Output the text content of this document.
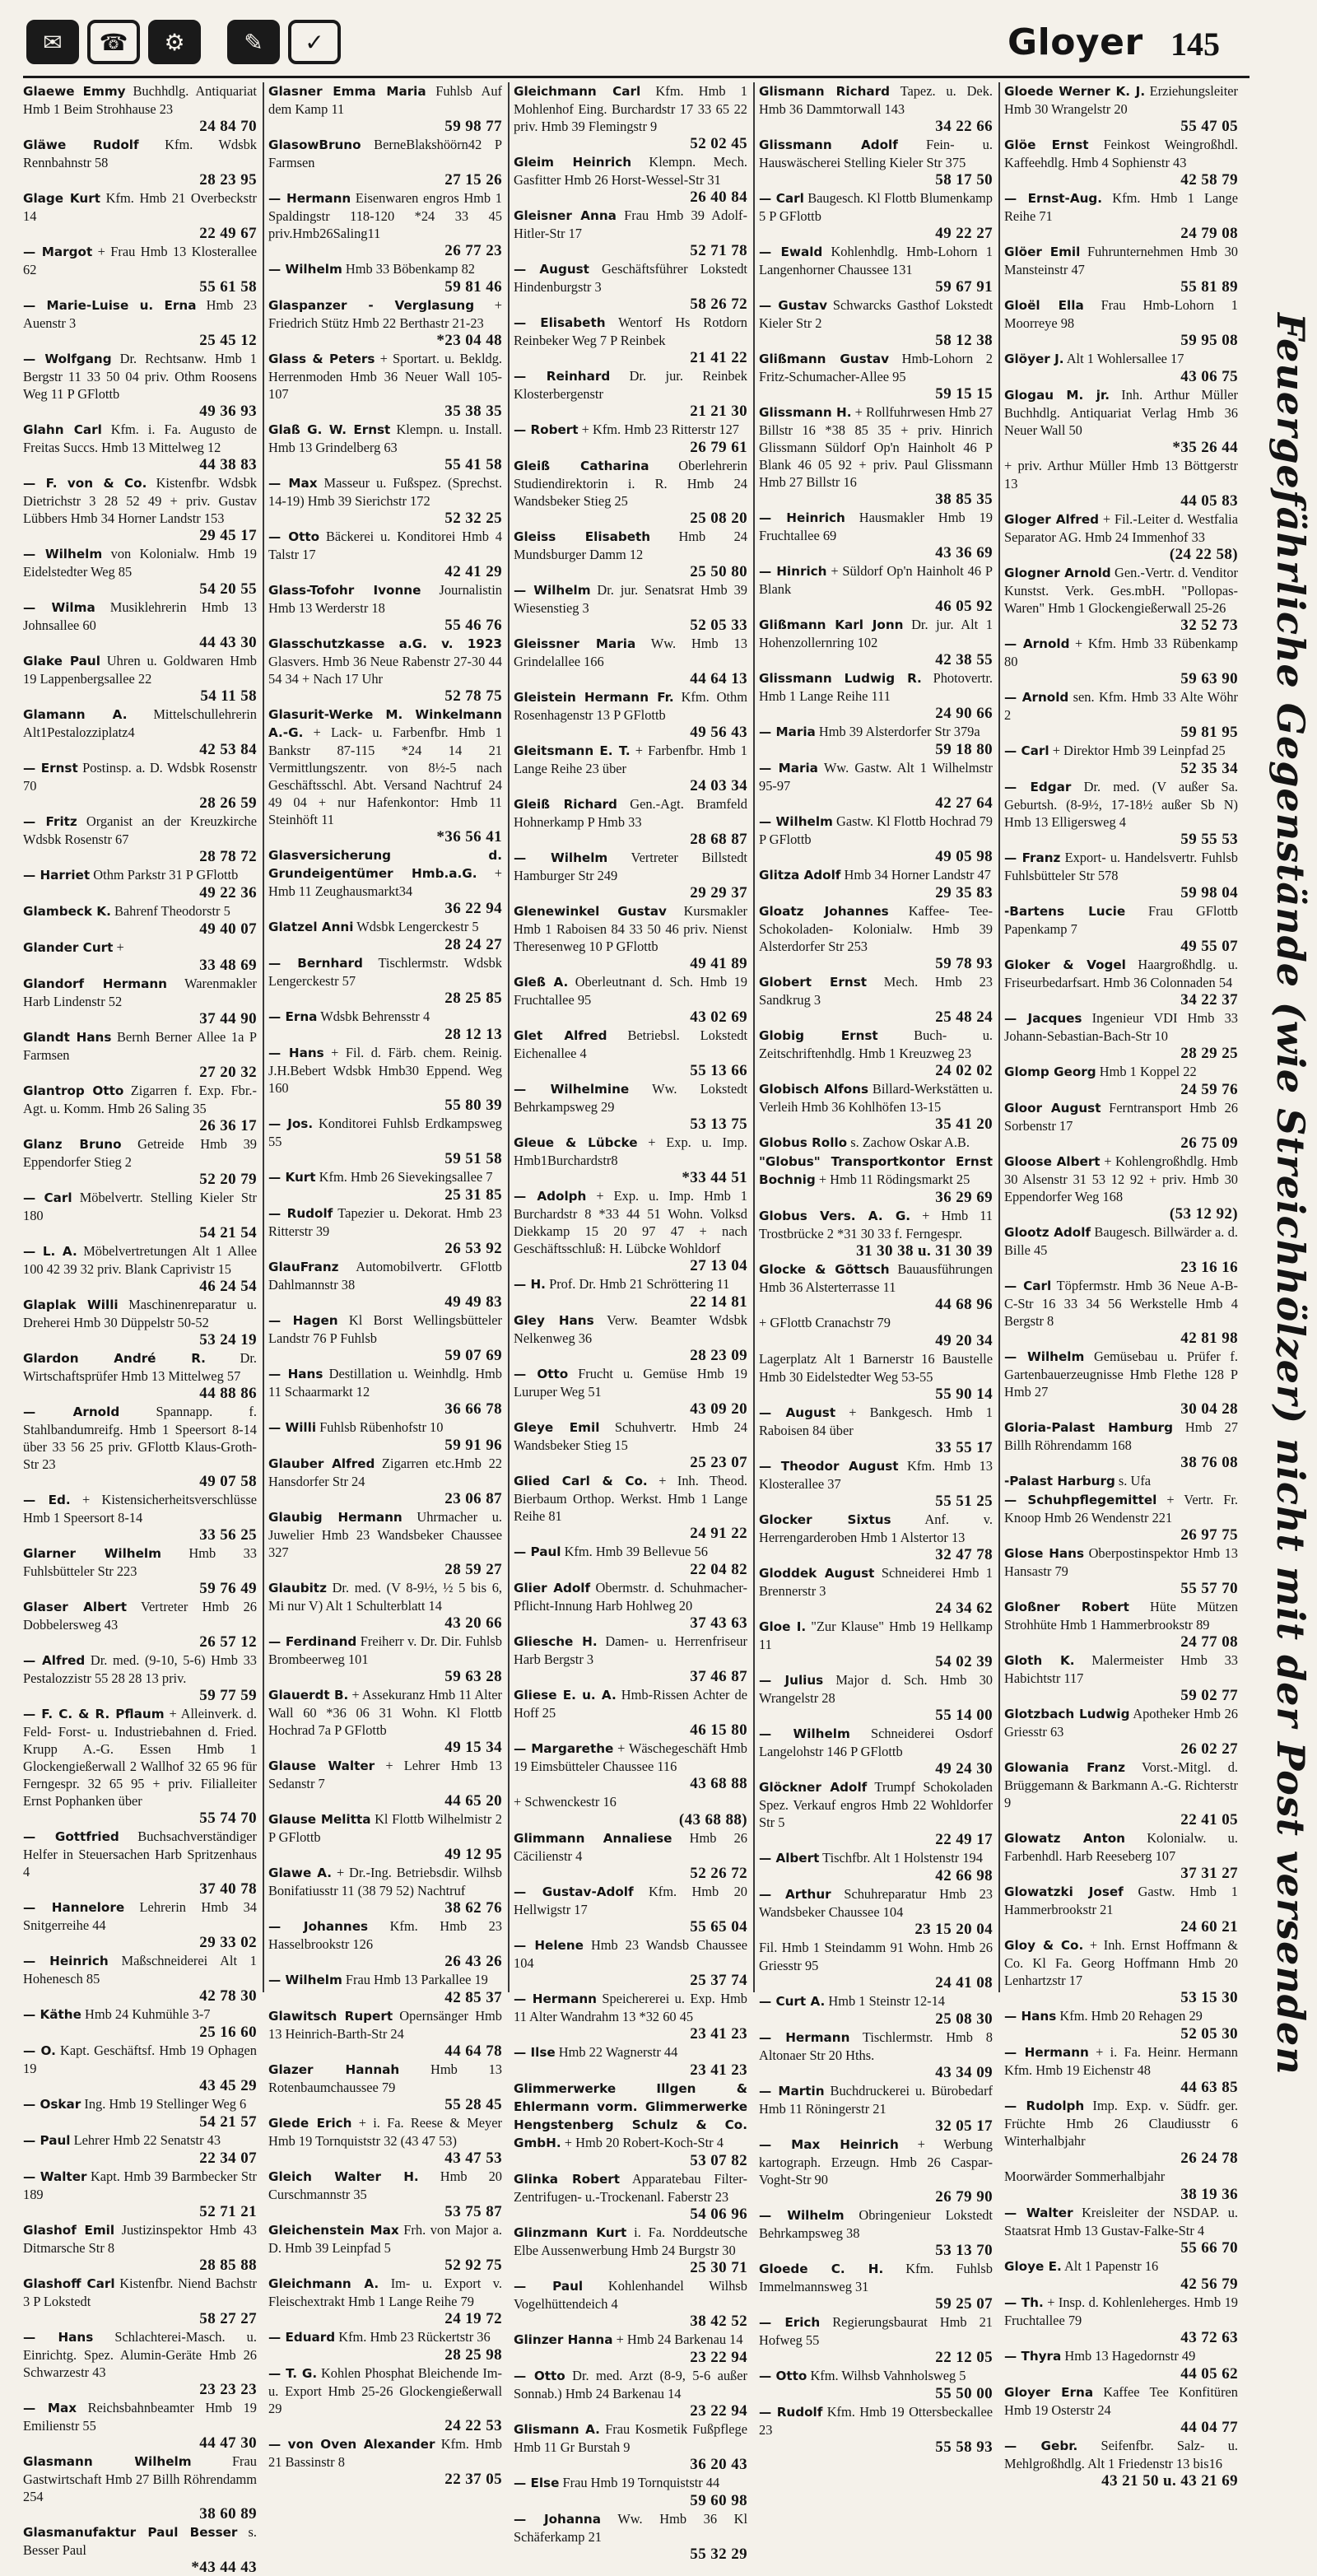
✉	☎	⚙	✎	✓	Gloyer 145
Glaewe Emmy Buchhdlg. Antiquariat Hmb 1 Beim Strohhause 23
24 84 70
Gläwe Rudolf Kfm. Wdsbk Rennbahnstr 58
28 23 95
Glage Kurt Kfm. Hmb 21 Overbeckstr 14
22 49 67
— Margot + Frau Hmb 13 Klosterallee 62
55 61 58
— Marie-Luise u. Erna Hmb 23 Auenstr 3
25 45 12
— Wolfgang Dr. Rechtsanw. Hmb 1 Bergstr 11 33 50 04 priv. Othm Roosens Weg 11 P GFlottb
49 36 93
Glahn Carl Kfm. i. Fa. Augusto de Freitas Succs. Hmb 13 Mittelweg 12
44 38 83
— F. von & Co. Kistenfbr. Wdsbk Dietrichstr 3 28 52 49 + priv. Gustav Lübbers Hmb 34 Horner Landstr 153
29 45 17
— Wilhelm von Kolonialw. Hmb 19 Eidelstedter Weg 85
54 20 55
— Wilma Musiklehrerin Hmb 13 Johnsallee 60
44 43 30
Glake Paul Uhren u. Goldwaren Hmb 19 Lappenbergsallee 22
54 11 58
Glamann A. Mittelschullehrerin Alt1Pestalozziplatz4
42 53 84
— Ernst Postinsp. a. D. Wdsbk Rosenstr 70
28 26 59
— Fritz Organist an der Kreuzkirche Wdsbk Rosenstr 67
28 78 72
— Harriet Othm Parkstr 31 P GFlottb
49 22 36
Glambeck K. Bahrenf Theodorstr 5
49 40 07
Glander Curt +
33 48 69
Glandorf Hermann Warenmakler Harb Lindenstr 52
37 44 90
Glandt Hans Bernh Berner Allee 1a P Farmsen
27 20 32
Glantrop Otto Zigarren f. Exp. Fbr.-Agt. u. Komm. Hmb 26 Saling 35
26 36 17
Glanz Bruno Getreide Hmb 39 Eppendorfer Stieg 2
52 20 79
— Carl Möbelvertr. Stelling Kieler Str 180
54 21 54
— L. A. Möbelvertretungen Alt 1 Allee 100 42 39 32 priv. Blank Caprivistr 15
46 24 54
Glaplak Willi Maschinenreparatur u. Dreherei Hmb 30 Düppelstr 50-52
53 24 19
Glardon André R.	Dr. Wirtschaftsprüfer Hmb 13 Mittelweg 57
44 88 86
— Arnold	Spannapp. f. Stahlbandumreifg. Hmb 1 Speersort 8-14 über 33 56 25 priv. GFlottb Klaus-Groth-Str 23
49 07 58
— Ed. + Kistensicherheitsverschlüsse Hmb 1 Speersort 8-14
33 56 25
Glarner Wilhelm Hmb 33 Fuhlsbütteler Str 223
59 76 49
Glaser Albert Vertreter Hmb 26 Dobbelersweg 43
26 57 12
— Alfred Dr. med. (9-10, 5-6) Hmb 33 Pestalozzistr 55 28 28 13 priv.
59 77 59
— F. C. & R. Pflaum + Alleinverk. d. Feld- Forst- u. Industriebahnen d. Fried. Krupp A.-G. Essen Hmb 1 Glockengießerwall 2 Wallhof 32 65 96 für Ferngespr. 32 65 95 + priv. Filialleiter Ernst Pophanken über
55 74 70
— Gottfried Buchsachverständiger Helfer in Steuersachen Harb Spritzenhaus 4
37 40 78
— Hannelore Lehrerin Hmb 34 Snitgerreihe 44
29 33 02
— Heinrich Maßschneiderei Alt 1 Hohenesch 85
42 78 30
— Käthe Hmb 24 Kuhmühle 3-7
25 16 60
— O. Kapt. Geschäftsf. Hmb 19 Ophagen 19
43 45 29
— Oskar Ing. Hmb 19 Stellinger Weg 6
54 21 57
— Paul Lehrer Hmb 22 Senatstr 43
22 34 07
— Walter Kapt. Hmb 39 Barmbecker Str 189
52 71 21
Glashof Emil Justizinspektor Hmb 43 Ditmarsche Str 8
28 85 88
Glashoff Carl Kistenfbr. Niend Bachstr 3 P Lokstedt
58 27 27
— Hans Schlachterei-Masch. u. Einrichtg. Spez. Alumin-Geräte Hmb 26 Schwarzestr 43
23 23 23
— Max Reichsbahnbeamter Hmb 19 Emilienstr 55
44 47 30
Glasmann Wilhelm	Frau Gastwirtschaft Hmb 27 Billh Röhrendamm 254
38 60 89
Glasmanufaktur Paul Besser s. Besser Paul
*43 44 43
Glasner Emma Maria Fuhlsb Auf dem Kamp 11
59 98 77
GlasowBruno BerneBlakshöörn42 P Farmsen
27 15 26
— Hermann Eisenwaren engros Hmb 1 Spaldingstr 118-120 *24 33 45 priv.Hmb26Saling11
26 77 23
— Wilhelm Hmb 33 Böbenkamp 82
59 81 46
Glaspanzer - Verglasung + Friedrich Stütz Hmb 22 Berthastr 21-23
*23 04 48
Glass & Peters + Sportart. u. Bekldg. Herrenmoden Hmb 36 Neuer Wall 105-107
35 38 35
Glaß G. W. Ernst Klempn. u. Install. Hmb 13 Grindelberg 63
55 41 58
— Max Masseur u. Fußspez. (Sprechst. 14-19) Hmb 39 Sierichstr 172
52 32 25
— Otto Bäckerei u. Konditorei Hmb 4 Talstr 17
42 41 29
Glass-Tofohr Ivonne Journalistin Hmb 13 Werderstr 18
55 46 76
Glasschutzkasse a.G. v. 1923 Glasvers. Hmb 36 Neue Rabenstr 27-30 44 54 34 + Nach 17 Uhr
52 78 75
Glasurit-Werke M. Winkelmann A.-G. + Lack- u. Farbenfbr. Hmb 1 Bankstr 87-115 *24 14 21 Vermittlungszentr. von 8½-5 nach Geschäftsschl. Abt. Versand Nachtruf 24 49 04 + nur Hafenkontor: Hmb 11 Steinhöft 11
*36 56 41
Glasversicherung d. Grundeigentümer Hmb.a.G. + Hmb 11 Zeughausmarkt34
36 22 94
Glatzel Anni Wdsbk Lengerckestr 5
28 24 27
— Bernhard Tischlermstr. Wdsbk Lengerckestr 57
28 25 85
— Erna Wdsbk Behrensstr 4
28 12 13
— Hans + Fil. d. Färb. chem. Reinig. J.H.Bebert Wdsbk Hmb30 Eppend. Weg 160
55 80 39
— Jos. Konditorei Fuhlsb Erdkampsweg 55
59 51 58
— Kurt Kfm. Hmb 26 Sievekingsallee 7
25 31 85
— Rudolf Tapezier u. Dekorat. Hmb 23 Ritterstr 39
26 53 92
GlauFranz Automobilvertr. GFlottb Dahlmannstr 38
49 49 83
— Hagen Kl Borst Wellingsbütteler Landstr 76 P Fuhlsb
59 07 69
— Hans Destillation u. Weinhdlg. Hmb 11 Schaarmarkt 12
36 66 78
— Willi Fuhlsb Rübenhofstr 10
59 91 96
Glauber Alfred Zigarren etc.Hmb 22 Hansdorfer Str 24
23 06 87
Glaubig Hermann Uhrmacher u. Juwelier Hmb 23 Wandsbeker Chaussee 327
28 59 27
Glaubitz Dr. med. (V 8-9½, ½ 5 bis 6, Mi nur V) Alt 1 Schulterblatt 14
43 20 66
— Ferdinand Freiherr v. Dr. Dir. Fuhlsb Brombeerweg 101
59 63 28
Glauerdt B. + Assekuranz Hmb 11 Alter Wall 60 *36 06 31 Wohn. Kl Flottb Hochrad 7a P GFlottb
49 15 34
Glause Walter + Lehrer Hmb 13 Sedanstr 7
44 65 20
Glause Melitta Kl Flottb Wilhelmistr 2 P GFlottb
49 12 95
Glawe A. + Dr.-Ing. Betriebsdir. Wilhsb Bonifatiusstr 11 (38 79 52) Nachtruf
38 62 76
— Johannes Kfm. Hmb 23 Hasselbrookstr 126
26 43 26
— Wilhelm Frau Hmb 13 Parkallee 19
42 85 37
Glawitsch Rupert Opernsänger Hmb 13 Heinrich-Barth-Str 24
44 64 78
Glazer Hannah Hmb 13 Rotenbaumchaussee 79
55 28 45
Glede Erich + i. Fa. Reese & Meyer Hmb 19 Tornquiststr 32 (43 47 53)
43 47 53
Gleich Walter H. Hmb 20 Curschmannstr 35
53 75 87
Gleichenstein Max Frh. von Major a. D. Hmb 39 Leinpfad 5
52 92 75
Gleichmann A. Im- u. Export v. Fleischextrakt Hmb 1 Lange Reihe 79
24 19 72
— Eduard Kfm. Hmb 23 Rückertstr 36
28 25 98
— T. G. Kohlen Phosphat Bleichende Im- u. Export Hmb 25-26 Glockengießerwall 29
24 22 53
— von Oven Alexander Kfm. Hmb 21 Bassinstr 8
22 37 05
Gleichmann Carl Kfm. Hmb 1 Mohlenhof Eing. Burchardstr 17 33 65 22 priv. Hmb 39 Flemingstr 9
52 02 45
Gleim Heinrich Klempn. Mech. Gasfitter Hmb 26 Horst-Wessel-Str 31
26 40 84
Gleisner Anna Frau Hmb 39 Adolf-Hitler-Str 17
52 71 78
— August Geschäftsführer Lokstedt Hindenburgstr 3
58 26 72
— Elisabeth Wentorf Hs Rotdorn Reinbeker Weg 7 P Reinbek
21 41 22
— Reinhard Dr. jur. Reinbek Klosterbergenstr
21 21 30
— Robert + Kfm. Hmb 23 Ritterstr 127
26 79 61
Gleiß Catharina Oberlehrerin Studiendirektorin i. R. Hmb 24 Wandsbeker Stieg 25
25 08 20
Gleiss Elisabeth Hmb 24 Mundsburger Damm 12
25 50 80
— Wilhelm Dr. jur. Senatsrat Hmb 39 Wiesenstieg 3
52 05 33
Gleissner Maria Ww. Hmb 13 Grindelallee 166
44 64 13
Gleistein Hermann Fr. Kfm. Othm Rosenhagenstr 13 P GFlottb
49 56 43
Gleitsmann E. T. + Farbenfbr. Hmb 1 Lange Reihe 23 über
24 03 34
Gleiß Richard Gen.-Agt. Bramfeld Hohnerkamp P Hmb 33
28 68 87
— Wilhelm Vertreter Billstedt Hamburger Str 249
29 29 37
Glenewinkel Gustav Kursmakler Hmb 1 Raboisen 84 33 50 46 priv. Nienst Theresenweg 10 P GFlottb
49 41 89
Gleß A. Oberleutnant d. Sch. Hmb 19 Fruchtallee 95
43 02 69
Glet Alfred Betriebsl. Lokstedt Eichenallee 4
55 13 66
— Wilhelmine Ww. Lokstedt Behrkampsweg 29
53 13 75
Gleue & Lübcke + Exp. u. Imp. Hmb1Burchardstr8
*33 44 51
— Adolph + Exp. u. Imp. Hmb 1 Burchardstr 8 *33 44 51 Wohn. Volksd Diekkamp 15 20 97 47 + nach Geschäftsschluß: H. Lübcke Wohldorf
27 13 04
— H. Prof. Dr. Hmb 21 Schröttering 11
22 14 81
Gley Hans Verw. Beamter Wdsbk Nelkenweg 36
28 23 09
— Otto Frucht u. Gemüse Hmb 19 Luruper Weg 51
43 09 20
Gleye Emil Schuhvertr. Hmb 24 Wandsbeker Stieg 15
25 23 07
Glied Carl & Co. + Inh. Theod. Bierbaum Orthop. Werkst. Hmb 1 Lange Reihe 81
24 91 22
— Paul Kfm. Hmb 39 Bellevue 56
22 04 82
Glier Adolf Obermstr. d. Schuhmacher-Pflicht-Innung Harb Hohlweg 20
37 43 63
Gliesche H. Damen- u. Herrenfriseur Harb Bergstr 3
37 46 87
Gliese E. u. A. Hmb-Rissen Achter de Hoff 25
46 15 80
— Margarethe + Wäschegeschäft Hmb 19 Eimsbütteler Chaussee 116
43 68 88
+ Schwenckestr 16
(43 68 88)
Glimmann Annaliese Hmb 26 Cäcilienstr 4
52 26 72
— Gustav-Adolf Kfm. Hmb 20 Hellwigstr 17
55 65 04
— Helene Hmb 23 Wandsb Chaussee 104
25 37 74
— Hermann Speichererei u. Exp. Hmb 11 Alter Wandrahm 13 *32 60 45
23 41 23
— Ilse Hmb 22 Wagnerstr 44
23 41 23
Glimmerwerke Illgen & Ehlermann vorm. Glimmerwerke Hengstenberg Schulz & Co. GmbH. + Hmb 20 Robert-Koch-Str 4
53 07 82
Glinka Robert Apparatebau Filter-Zentrifugen- u.-Trockenanl. Faberstr 23
54 06 96
Glinzmann Kurt i. Fa. Norddeutsche Elbe Aussenwerbung Hmb 24 Burgstr 30
25 30 71
— Paul Kohlenhandel Wilhsb Vogelhüttendeich 4
38 42 52
Glinzer Hanna + Hmb 24 Barkenau 14
23 22 94
— Otto Dr. med. Arzt (8-9, 5-6 außer Sonnab.) Hmb 24 Barkenau 14
23 22 94
Glismann A. Frau Kosmetik Fußpflege Hmb 11 Gr Burstah 9
36 20 43
— Else Frau Hmb 19 Tornquiststr 44
59 60 98
— Johanna Ww. Hmb 36 Kl Schäferkamp 21
55 32 29
Glismann Richard Tapez. u. Dek. Hmb 36 Dammtorwall 143
34 22 66
Glissmann Adolf Fein- u. Hauswäscherei Stelling Kieler Str 375
58 17 50
— Carl Baugesch. Kl Flottb Blumenkamp 5 P GFlottb
49 22 27
— Ewald Kohlenhdlg. Hmb-Lohorn 1 Langenhorner Chaussee 131
59 67 91
— Gustav Schwarcks Gasthof Lokstedt Kieler Str 2
58 12 38
Glißmann Gustav Hmb-Lohorn 2 Fritz-Schumacher-Allee 95
59 15 15
Glissmann H. + Rollfuhrwesen Hmb 27 Billstr 16 *38 85 35 + priv. Hinrich Glissmann Süldorf Op'n Hainholt 46 P Blank 46 05 92 + priv. Paul Glissmann Hmb 27 Billstr 16
38 85 35
— Heinrich Hausmakler Hmb 19 Fruchtallee 69
43 36 69
— Hinrich + Süldorf Op'n Hainholt 46 P Blank
46 05 92
Glißmann Karl Jonn Dr. jur. Alt 1 Hohenzollernring 102
42 38 55
Glissmann Ludwig R. Photovertr. Hmb 1 Lange Reihe 111
24 90 66
— Maria Hmb 39 Alsterdorfer Str 379a
59 18 80
— Maria Ww. Gastw. Alt 1 Wilhelmstr 95-97
42 27 64
— Wilhelm Gastw. Kl Flottb Hochrad 79 P GFlottb
49 05 98
Glitza Adolf Hmb 34 Horner Landstr 47
29 35 83
Gloatz Johannes Kaffee- Tee-Schokoladen- Kolonialw. Hmb 39 Alsterdorfer Str 253
59 78 93
Globert Ernst Mech. Hmb 23 Sandkrug 3
25 48 24
Globig Ernst	Buch- u. Zeitschriftenhdlg. Hmb 1 Kreuzweg 23
24 02 02
Globisch Alfons Billard-Werkstätten u. Verleih Hmb 36 Kohlhöfen 13-15
35 41 20
Globus Rollo s. Zachow Oskar A.B.
"Globus" Transportkontor Ernst Bochnig + Hmb 11 Rödingsmarkt 25
36 29 69
Globus Vers. A. G. + Hmb 11 Trostbrücke 2 *31 30 33 f. Ferngespr.
31 30 38 u. 31 30 39
Glocke & Göttsch Bauausführungen Hmb 36 Alsterterrasse 11
44 68 96
+ GFlottb Cranachstr 79
49 20 34
Lagerplatz Alt 1 Barnerstr 16 Baustelle Hmb 30 Eidelstedter Weg 53-55
55 90 14
— August + Bankgesch. Hmb 1 Raboisen 84 über
33 55 17
— Theodor August Kfm. Hmb 13 Klosterallee 37
55 51 25
Glocker Sixtus Anf. v. Herrengarderoben Hmb 1 Alstertor 13
32 47 78
Gloddek August Schneiderei Hmb 1 Brennerstr 3
24 34 62
Gloe I. "Zur Klause" Hmb 19 Hellkamp 11
54 02 39
— Julius Major d. Sch. Hmb 30 Wrangelstr 28
55 14 00
— Wilhelm Schneiderei Osdorf Langelohstr 146 P GFlottb
49 24 30
Glöckner Adolf Trumpf Schokoladen Spez. Verkauf engros Hmb 22 Wohldorfer Str 5
22 49 17
— Albert Tischfbr. Alt 1 Holstenstr 194
42 66 98
— Arthur Schuhreparatur Hmb 23 Wandsbeker Chaussee 104
23 15 20 04
Fil. Hmb 1 Steindamm 91 Wohn. Hmb 26 Griesstr 95
24 41 08
— Curt A. Hmb 1 Steinstr 12-14
25 08 30
— Hermann Tischlermstr. Hmb 8 Altonaer Str 20 Hths.
43 34 09
— Martin Buchdruckerei u. Bürobedarf Hmb 11 Röningerstr 21
32 05 17
— Max Heinrich + Werbung kartograph. Erzeugn. Hmb 26 Caspar-Voght-Str 90
26 79 90
— Wilhelm Obringenieur Lokstedt Behrkampsweg 38
53 13 70
Gloede C. H. Kfm. Fuhlsb Immelmannsweg 31
59 25 07
— Erich Regierungsbaurat Hmb 21 Hofweg 55
22 12 05
— Otto Kfm. Wilhsb Vahnholsweg 5
55 50 00
— Rudolf Kfm. Hmb 19 Ottersbeckallee 23
55 58 93
Gloede Werner K. J. Erziehungsleiter Hmb 30 Wrangelstr 20
55 47 05
Glöe Ernst Feinkost Weingroßhdl. Kaffeehdlg. Hmb 4 Sophienstr 43
42 58 79
— Ernst-Aug. Kfm. Hmb 1 Lange Reihe 71
24 79 08
Glöer Emil Fuhrunternehmen Hmb 30 Mansteinstr 47
55 81 89
Gloël Ella Frau Hmb-Lohorn 1 Moorreye 98
59 95 08
Glöyer J. Alt 1 Wohlersallee 17
43 06 75
Glogau M. jr. Inh. Arthur Müller Buchhdlg. Antiquariat Verlag Hmb 36 Neuer Wall 50
*35 26 44
+ priv. Arthur Müller Hmb 13 Böttgerstr 13
44 05 83
Gloger Alfred + Fil.-Leiter d. Westfalia Separator AG. Hmb 24 Immenhof 33
(24 22 58)
Glogner Arnold Gen.-Vertr. d. Venditor Kunstst. Verk. Ges.mbH. "Pollopas-Waren" Hmb 1 Glockengießerwall 25-26
32 52 73
— Arnold + Kfm. Hmb 33 Rübenkamp 80
59 63 90
— Arnold sen. Kfm. Hmb 33 Alte Wöhr 2
59 81 95
— Carl + Direktor Hmb 39 Leinpfad 25
52 35 34
— Edgar Dr. med. (V außer Sa. Geburtsh. (8-9½, 17-18½ außer Sb N) Hmb 13 Elligersweg 4
59 55 53
— Franz Export- u. Handelsvertr. Fuhlsb Fuhlsbütteler Str 578
59 98 04
-Bartens Lucie Frau GFlottb Papenkamp 7
49 55 07
Gloker & Vogel Haargroßhdlg. u. Friseurbedarfsart. Hmb 36 Colonnaden 54
34 22 37
— Jacques Ingenieur VDI Hmb 33 Johann-Sebastian-Bach-Str 10
28 29 25
Glomp Georg Hmb 1 Koppel 22
24 59 76
Gloor August Ferntransport Hmb 26 Sorbenstr 17
26 75 09
Gloose Albert + Kohlengroßhdlg. Hmb 30 Alsenstr 31 53 12 92 + priv. Hmb 30 Eppendorfer Weg 168
(53 12 92)
Glootz Adolf Baugesch. Billwärder a. d. Bille 45
23 16 16
— Carl Töpfermstr. Hmb 36 Neue A-B-C-Str 16 33 34 56 Werkstelle Hmb 4 Bergstr 8
42 81 98
— Wilhelm Gemüsebau u. Prüfer f. Gartenbauerzeugnisse Hmb Flethe 128 P Hmb 27
30 04 28
Gloria-Palast Hamburg Hmb 27 Billh Röhrendamm 168
38 76 08
-Palast Harburg s. Ufa
— Schuhpflegemittel + Vertr. Fr. Knoop Hmb 26 Wendenstr 221
26 97 75
Glose Hans Oberpostinspektor Hmb 13 Hansastr 79
55 57 70
Gloßner Robert Hüte Mützen Strohhüte Hmb 1 Hammerbrookstr 89
24 77 08
Gloth K. Malermeister Hmb 33 Habichtstr 117
59 02 77
Glotzbach Ludwig Apotheker Hmb 26 Griesstr 63
26 02 27
Glowania Franz Vorst.-Mitgl. d. Brüggemann & Barkmann A.-G. Richterstr 9
22 41 05
Glowatz Anton Kolonialw. u. Farbenhdl. Harb Reeseberg 107
37 31 27
Glowatzki Josef Gastw. Hmb 1 Hammerbrookstr 21
24 60 21
Gloy & Co. + Inh. Ernst Hoffmann & Co. Kl Fa. Georg Hoffmann Hmb 20 Lenhartzstr 17
53 15 30
— Hans Kfm. Hmb 20 Rehagen 29
52 05 30
— Hermann + i. Fa. Heinr. Hermann Kfm. Hmb 19 Eichenstr 48
44 63 85
— Rudolph Imp. Exp. v. Südfr. ger. Früchte Hmb 26 Claudiusstr 6 Winterhalbjahr
26 24 78
Moorwärder Sommerhalbjahr
38 19 36
— Walter Kreisleiter der NSDAP. u. Staatsrat Hmb 13 Gustav-Falke-Str 4
55 66 70
Gloye E. Alt 1 Papenstr 16
42 56 79
— Th. + Insp. d. Kohlenleherges. Hmb 19 Fruchtallee 79
43 72 63
— Thyra Hmb 13 Hagedornstr 49
44 05 62
Gloyer Erna Kaffee Tee Konfitüren Hmb 19 Osterstr 24
44 04 77
— Gebr. Seifenfbr. Salz- u. Mehlgroßhdlg. Alt 1 Friedenstr 13 bis16
43 21 50 u. 43 21 69
Feuergefährliche Gegenstände (wie Streichhölzer) nicht mit der Post versenden
